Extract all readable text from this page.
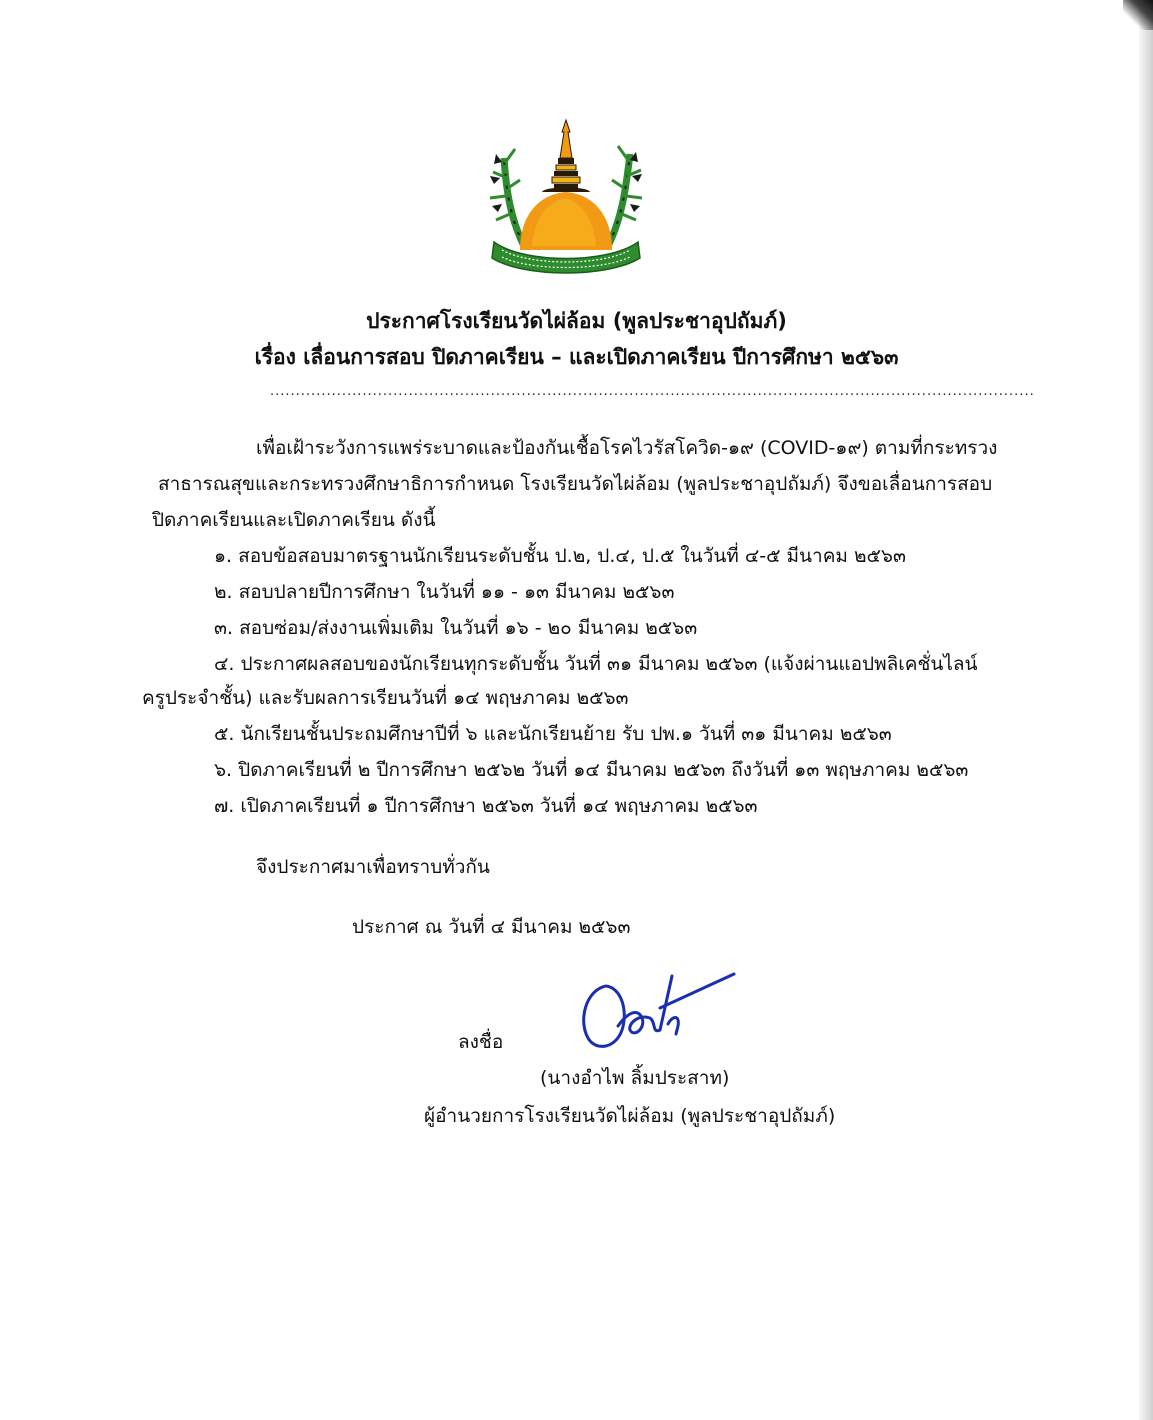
ประกาศโรงเรียนวัดไผ่ล้อม (พูลประชาอุปถัมภ์)
เรื่อง เลื่อนการสอบ ปิดภาคเรียน – และเปิดภาคเรียน ปีการศึกษา ๒๕๖๓
.....................................................................................................................................................
เพื่อเฝ้าระวังการแพร่ระบาดและป้องกันเชื้อโรคไวรัสโควิด-๑๙ (COVID-๑๙) ตามที่กระทรวง
สาธารณสุขและกระทรวงศึกษาธิการกำหนด โรงเรียนวัดไผ่ล้อม (พูลประชาอุปถัมภ์) จึงขอเลื่อนการสอบ
ปิดภาคเรียนและเปิดภาคเรียน ดังนี้
๑. สอบข้อสอบมาตรฐานนักเรียนระดับชั้น ป.๒, ป.๔, ป.๕ ในวันที่ ๔-๕ มีนาคม ๒๕๖๓
๒. สอบปลายปีการศึกษา ในวันที่ ๑๑ - ๑๓ มีนาคม ๒๕๖๓
๓. สอบซ่อม/ส่งงานเพิ่มเติม ในวันที่ ๑๖ - ๒๐ มีนาคม ๒๕๖๓
๔. ประกาศผลสอบของนักเรียนทุกระดับชั้น วันที่ ๓๑ มีนาคม ๒๕๖๓ (แจ้งผ่านแอปพลิเคชั่นไลน์
ครูประจำชั้น) และรับผลการเรียนวันที่ ๑๔ พฤษภาคม ๒๕๖๓
๕. นักเรียนชั้นประถมศึกษาปีที่ ๖ และนักเรียนย้าย รับ ปพ.๑ วันที่ ๓๑ มีนาคม ๒๕๖๓
๖. ปิดภาคเรียนที่ ๒ ปีการศึกษา ๒๕๖๒ วันที่ ๑๔ มีนาคม ๒๕๖๓ ถึงวันที่ ๑๓ พฤษภาคม ๒๕๖๓
๗. เปิดภาคเรียนที่ ๑ ปีการศึกษา ๒๕๖๓ วันที่ ๑๔ พฤษภาคม ๒๕๖๓
จึงประกาศมาเพื่อทราบทั่วกัน
ประกาศ ณ วันที่ ๔ มีนาคม ๒๕๖๓
ลงชื่อ
(นางอำไพ ลิ้มประสาท)
ผู้อำนวยการโรงเรียนวัดไผ่ล้อม (พูลประชาอุปถัมภ์)
